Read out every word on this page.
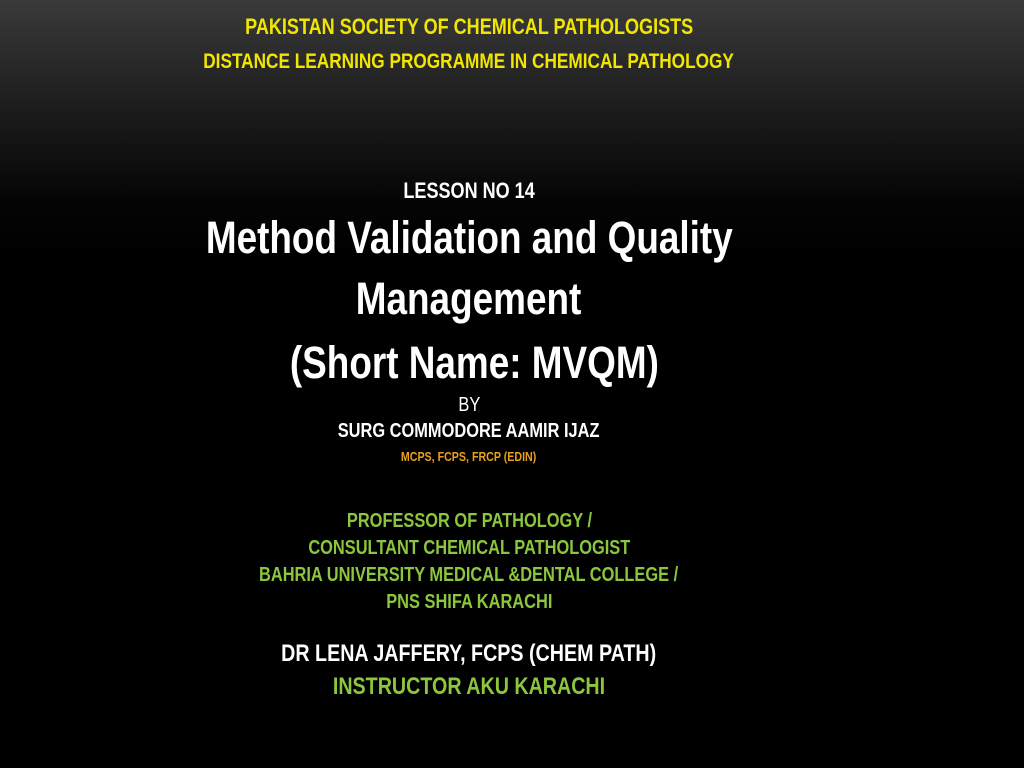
PAKISTAN SOCIETY OF CHEMICAL PATHOLOGISTS
DISTANCE LEARNING PROGRAMME IN CHEMICAL PATHOLOGY
LESSON NO 14
Method Validation and Quality
Management
(Short Name: MVQM)
BY
SURG COMMODORE AAMIR IJAZ
MCPS, FCPS, FRCP (EDIN)
PROFESSOR OF PATHOLOGY /
CONSULTANT CHEMICAL PATHOLOGIST
BAHRIA UNIVERSITY MEDICAL &DENTAL COLLEGE /
PNS SHIFA KARACHI
DR LENA JAFFERY, FCPS (CHEM PATH)
INSTRUCTOR AKU KARACHI
